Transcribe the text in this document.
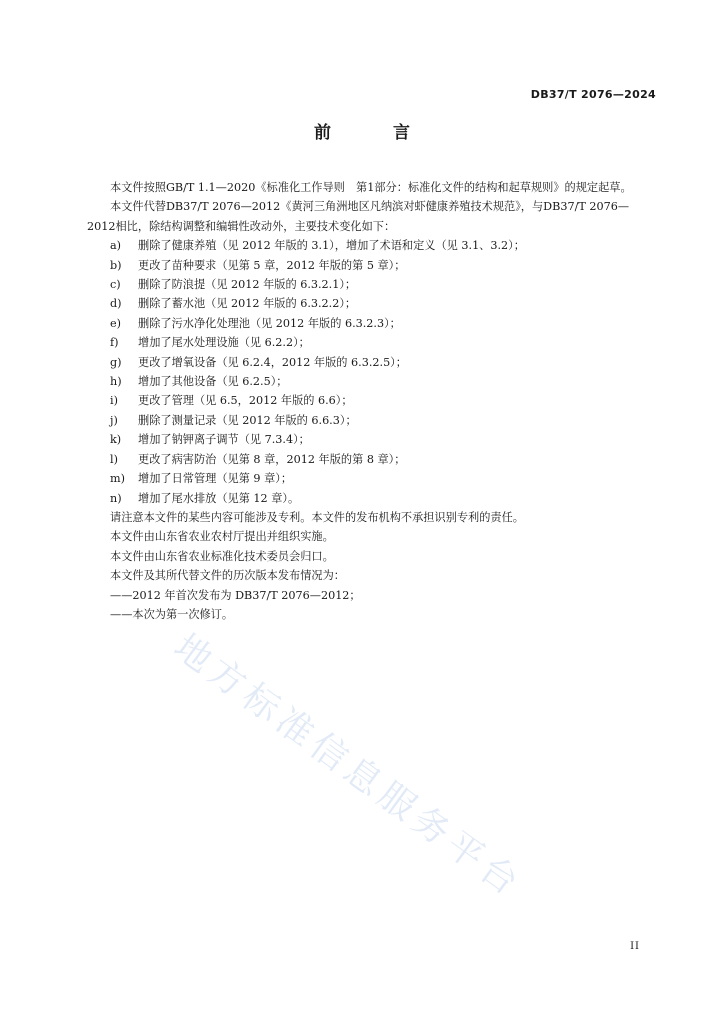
DB37/T 2076—2024
前 言

本文件按照GB/T 1.1—2020《标准化工作导则　第1部分：标准化文件的结构和起草规则》的规定起草。

本文件代替DB37/T 2076—2012《黄河三角洲地区凡纳滨对虾健康养殖技术规范》，与DB37/T 2076—2012相比，除结构调整和编辑性改动外，主要技术变化如下：

a) 删除了健康养殖（见 2012 年版的 3.1），增加了术语和定义（见 3.1、3.2）；
b) 更改了苗种要求（见第 5 章，2012 年版的第 5 章）；
c) 删除了防浪提（见 2012 年版的 6.3.2.1）；
d) 删除了蓄水池（见 2012 年版的 6.3.2.2）；
e) 删除了污水净化处理池（见 2012 年版的 6.3.2.3）；
f) 增加了尾水处理设施（见 6.2.2）；
g) 更改了增氧设备（见 6.2.4，2012 年版的 6.3.2.5）；
h) 增加了其他设备（见 6.2.5）；
i) 更改了管理（见 6.5，2012 年版的 6.6）；
j) 删除了测量记录（见 2012 年版的 6.6.3）；
k) 增加了钠钾离子调节（见 7.3.4）；
l) 更改了病害防治（见第 8 章，2012 年版的第 8 章）；
m) 增加了日常管理（见第 9 章）；
n) 增加了尾水排放（见第 12 章）。

请注意本文件的某些内容可能涉及专利。本文件的发布机构不承担识别专利的责任。

本文件由山东省农业农村厅提出并组织实施。

本文件由山东省农业标准化技术委员会归口。

本文件及其所代替文件的历次版本发布情况为：

——2012 年首次发布为 DB37/T 2076—2012；

——本次为第一次修订。

II
地方标准信息服务平台
